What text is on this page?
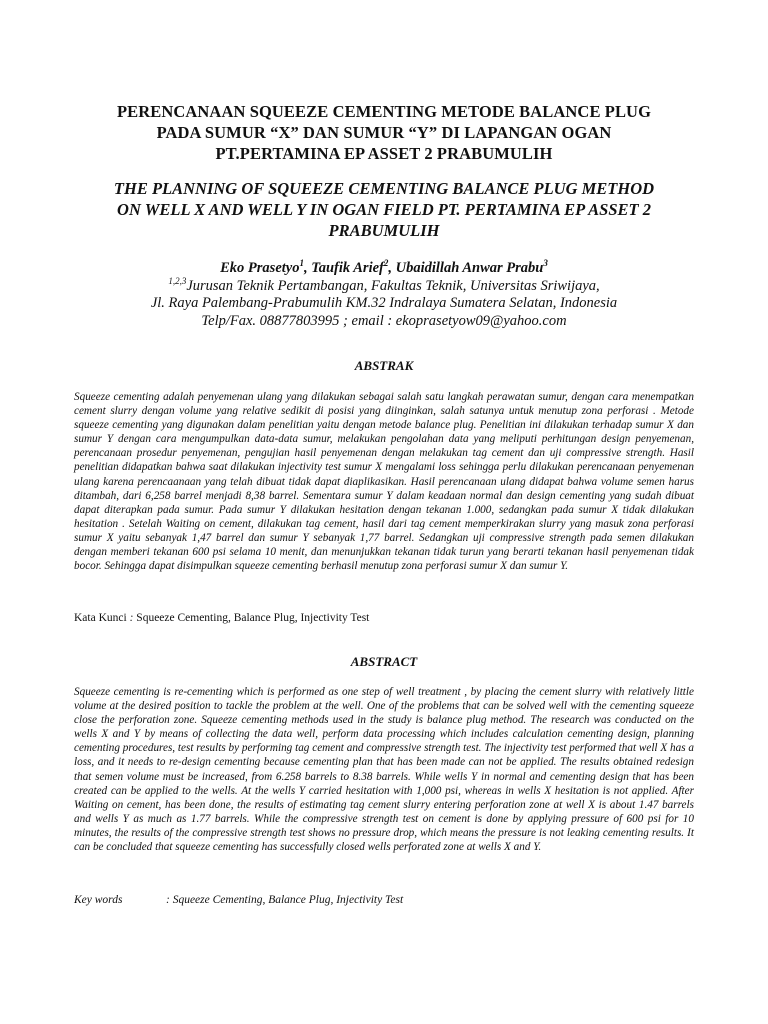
PERENCANAAN SQUEEZE CEMENTING METODE BALANCE PLUG
PADA SUMUR “X” DAN SUMUR “Y” DI LAPANGAN OGAN
PT.PERTAMINA EP ASSET 2 PRABUMULIH
THE PLANNING OF SQUEEZE CEMENTING BALANCE PLUG METHOD
ON WELL X AND WELL Y IN OGAN FIELD PT. PERTAMINA EP ASSET 2
PRABUMULIH
Eko Prasetyo$^1$, Taufik Arief$^2$, Ubaidillah Anwar Prabu$^3$
$^{1,2,3}$Jurusan Teknik Pertambangan, Fakultas Teknik, Universitas Sriwijaya,
Jl. Raya Palembang-Prabumulih KM.32 Indralaya Sumatera Selatan, Indonesia
Telp/Fax. 08877803995 ; email : ekoprasetyow09@yahoo.com
ABSTRAK

Squeeze cementing adalah penyemenan ulang yang dilakukan sebagai salah satu langkah perawatan sumur, dengan cara menempatkan cement slurry dengan volume yang relative sedikit di posisi yang diinginkan, salah satunya untuk menutup zona perforasi . Metode squeeze cementing yang digunakan dalam penelitian yaitu dengan metode balance plug. Penelitian ini dilakukan terhadap sumur X dan sumur Y dengan cara mengumpulkan data-data sumur, melakukan pengolahan data yang meliputi perhitungan design penyemenan, perencanaan prosedur penyemenan, pengujian hasil penyemenan dengan melakukan tag cement dan uji compressive strength. Hasil penelitian didapatkan bahwa saat dilakukan injectivity test sumur X mengalami loss sehingga perlu dilakukan perencanaan penyemenan ulang karena perencaanaan yang telah dibuat tidak dapat diaplikasikan. Hasil perencanaan ulang didapat bahwa volume semen harus ditambah, dari 6,258 barrel menjadi 8,38 barrel. Sementara sumur Y dalam keadaan normal dan design cementing yang sudah dibuat dapat diterapkan pada sumur. Pada sumur Y dilakukan hesitation dengan tekanan 1.000, sedangkan pada sumur X tidak dilakukan hesitation . Setelah Waiting on cement, dilakukan tag cement, hasil dari tag cement memperkirakan slurry yang masuk zona perforasi sumur X yaitu sebanyak 1,47 barrel dan sumur Y sebanyak 1,77 barrel. Sedangkan uji compressive strength pada semen dilakukan dengan memberi tekanan 600 psi selama 10 menit, dan menunjukkan tekanan tidak turun yang berarti tekanan hasil penyemenan tidak bocor. Sehingga dapat disimpulkan squeeze cementing berhasil menutup zona perforasi sumur X dan sumur Y.

Kata Kunci : Squeeze Cementing, Balance Plug, Injectivity Test

ABSTRACT

Squeeze cementing is re-cementing which is performed as one step of well treatment , by placing the cement slurry with relatively little volume at the desired position to tackle the problem at the well. One of the problems that can be solved well with the cementing squeeze close the perforation zone. Squeeze cementing methods used in the study is balance plug method. The research was conducted on the wells X and Y by means of collecting the data well, perform data processing which includes calculation cementing design, planning cementing procedures, test results by performing tag cement and compressive strength test. The injectivity test performed that well X has a loss, and it needs to re-design cementing because cementing plan that has been made can not be applied. The results obtained redesign that semen volume must be increased, from 6.258 barrels to 8.38 barrels. While wells Y in normal and cementing design that has been created can be applied to the wells. At the wells Y carried hesitation with 1,000 psi, whereas in wells X hesitation is not applied. After Waiting on cement, has been done, the results of estimating tag cement slurry entering perforation zone at well X is about 1.47 barrels and wells Y as much as 1.77 barrels. While the compressive strength test on cement is done by applying pressure of 600 psi for 10 minutes, the results of the compressive strength test shows no pressure drop, which means the pressure is not leaking cementing results. It can be concluded that squeeze cementing has successfully closed wells perforated zone at wells X and Y.

Key words	: Squeeze Cementing, Balance Plug, Injectivity Test
